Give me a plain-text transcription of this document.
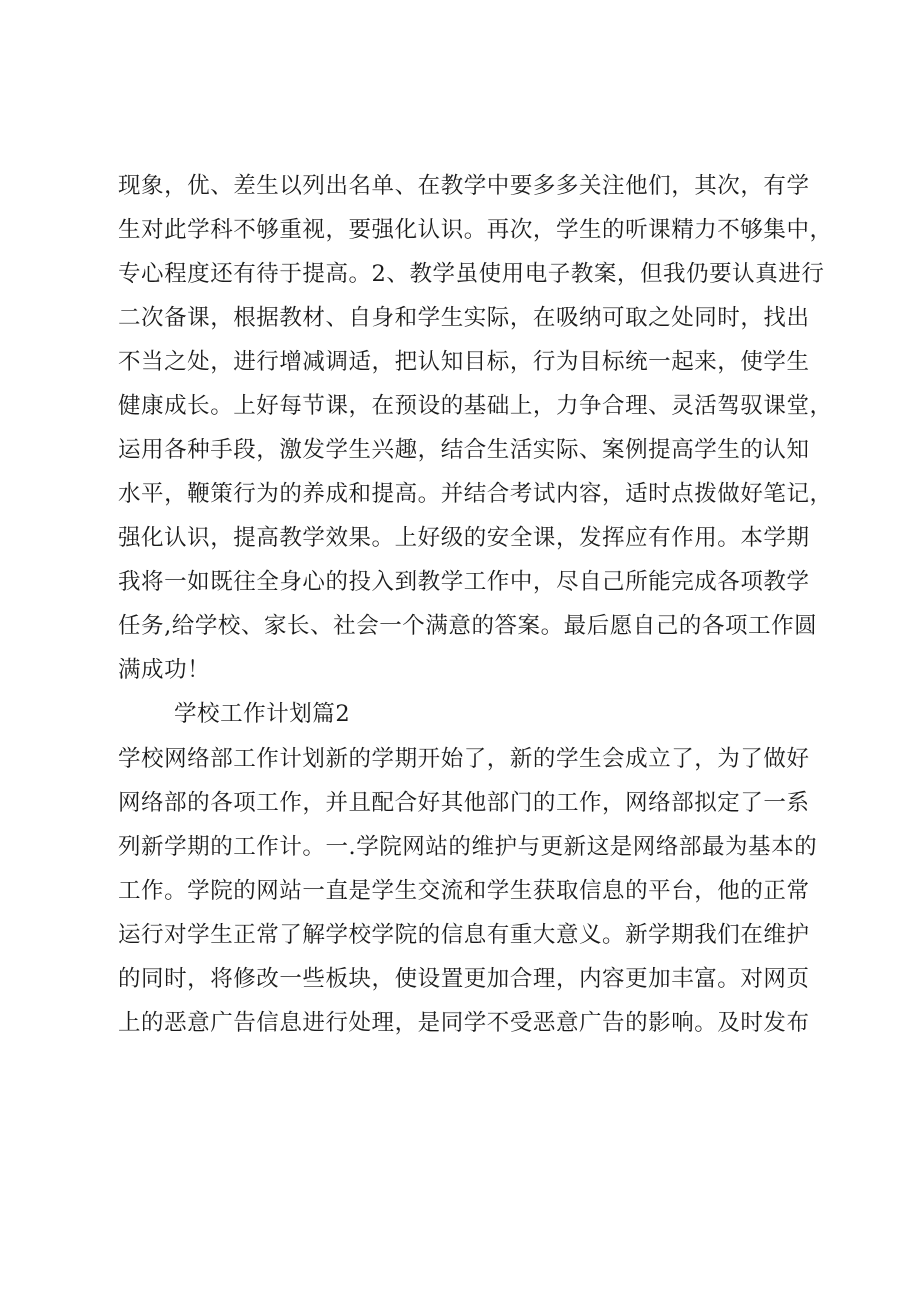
现象，优、差生以列出名单、在教学中要多多关注他们，其次，有学
生对此学科不够重视，要强化认识。再次，学生的听课精力不够集中，
专心程度还有待于提高。2、教学虽使用电子教案，但我仍要认真进行
二次备课，根据教材、自身和学生实际，在吸纳可取之处同时，找出
不当之处，进行增减调适，把认知目标，行为目标统一起来，使学生
健康成长。上好每节课，在预设的基础上，力争合理、灵活驾驭课堂，
运用各种手段，激发学生兴趣，结合生活实际、案例提高学生的认知
水平，鞭策行为的养成和提高。并结合考试内容，适时点拨做好笔记，
强化认识，提高教学效果。上好级的安全课，发挥应有作用。本学期
我将一如既往全身心的投入到教学工作中，尽自己所能完成各项教学
任务,给学校、家长、社会一个满意的答案。最后愿自己的各项工作圆
满成功！
学校工作计划篇2
学校网络部工作计划新的学期开始了，新的学生会成立了，为了做好
网络部的各项工作，并且配合好其他部门的工作，网络部拟定了一系
列新学期的工作计。一.学院网站的维护与更新这是网络部最为基本的
工作。学院的网站一直是学生交流和学生获取信息的平台，他的正常
运行对学生正常了解学校学院的信息有重大意义。新学期我们在维护
的同时，将修改一些板块，使设置更加合理，内容更加丰富。对网页
上的恶意广告信息进行处理，是同学不受恶意广告的影响。及时发布
